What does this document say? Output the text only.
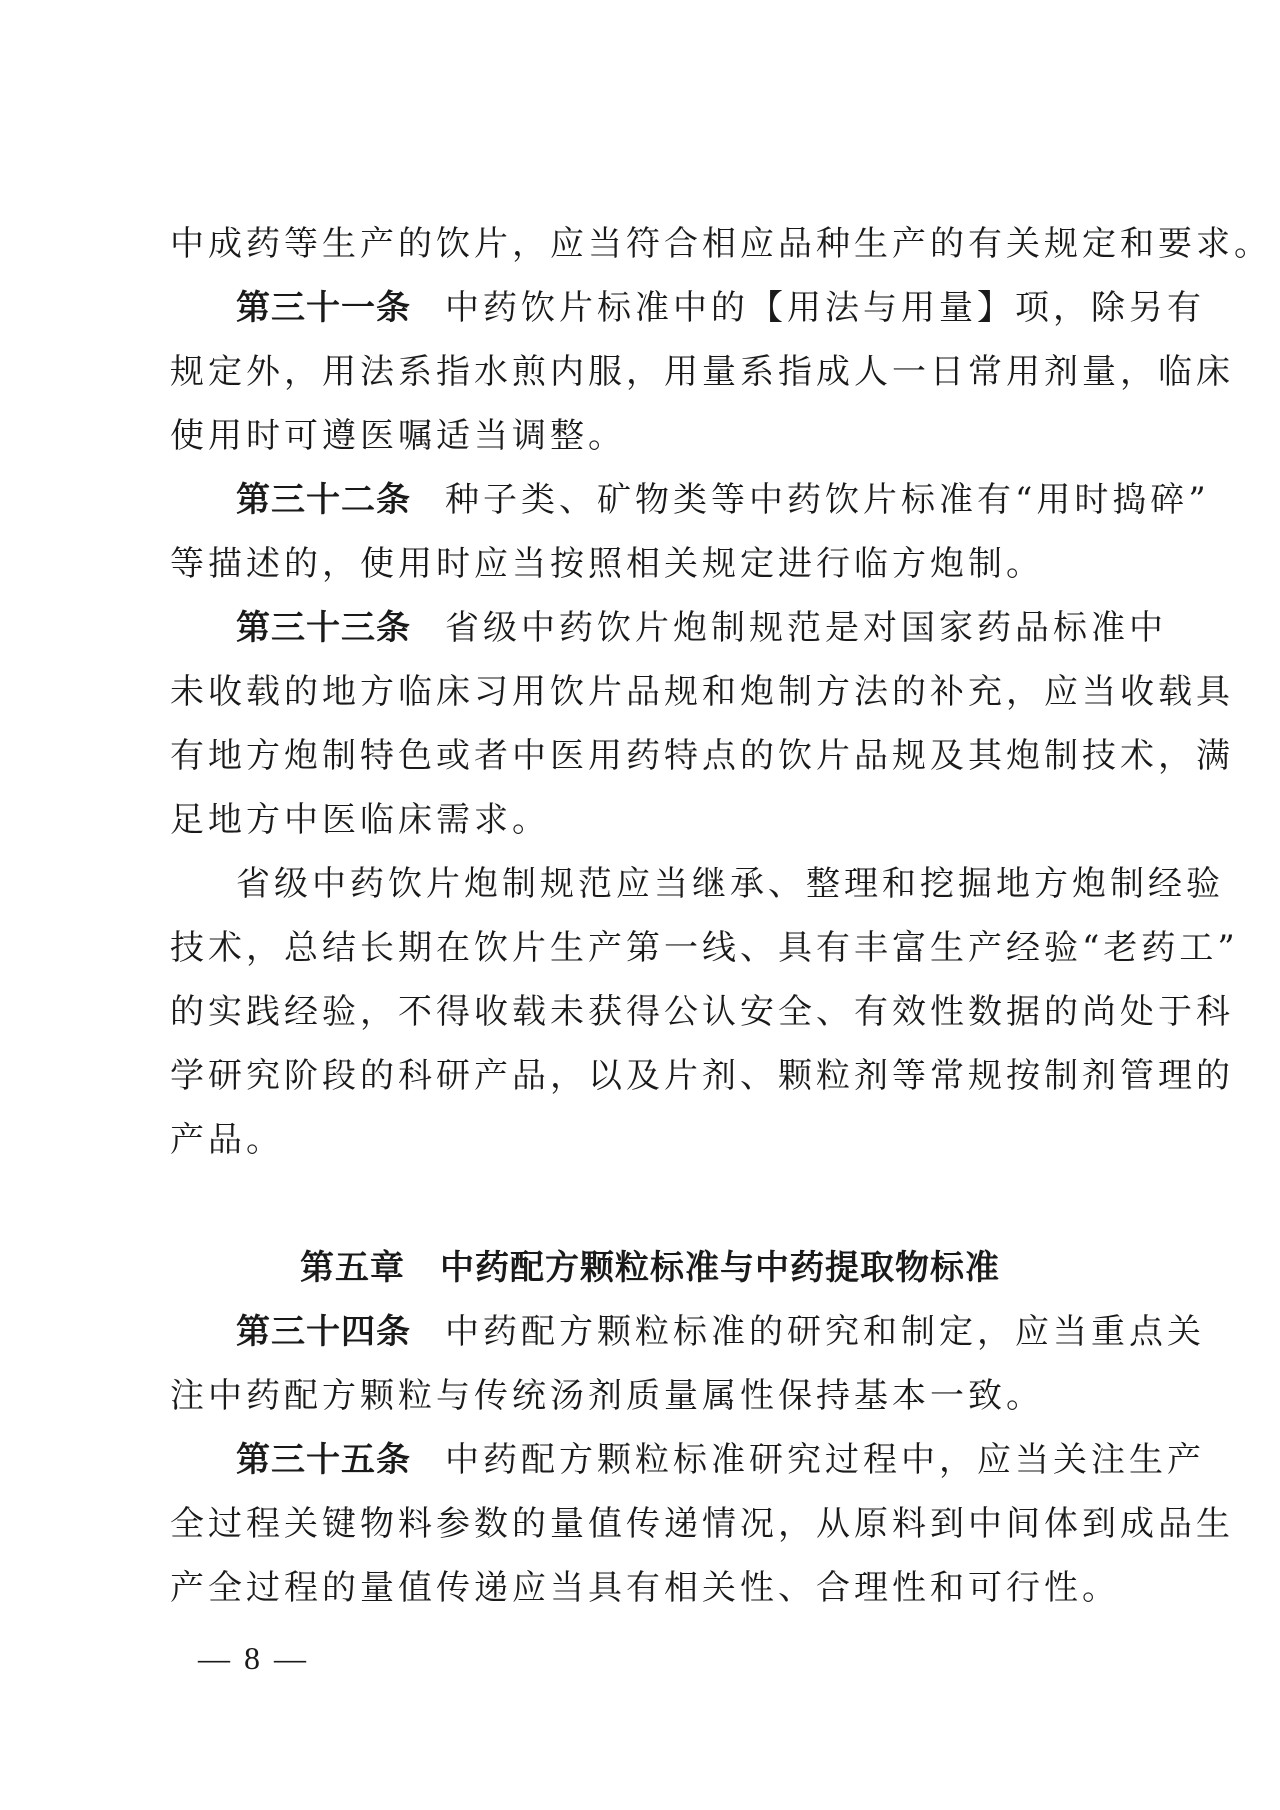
中成药等生产的饮片，应当符合相应品种生产的有关规定和要求。
第三十一条 中药饮片标准中的【用法与用量】项，除另有
规定外，用法系指水煎内服，用量系指成人一日常用剂量，临床
使用时可遵医嘱适当调整。
第三十二条 种子类、矿物类等中药饮片标准有“用时捣碎”
等描述的，使用时应当按照相关规定进行临方炮制。
第三十三条 省级中药饮片炮制规范是对国家药品标准中
未收载的地方临床习用饮片品规和炮制方法的补充，应当收载具
有地方炮制特色或者中医用药特点的饮片品规及其炮制技术，满
足地方中医临床需求。
省级中药饮片炮制规范应当继承、整理和挖掘地方炮制经验
技术，总结长期在饮片生产第一线、具有丰富生产经验“老药工”
的实践经验，不得收载未获得公认安全、有效性数据的尚处于科
学研究阶段的科研产品，以及片剂、颗粒剂等常规按制剂管理的
产品。
第五章　中药配方颗粒标准与中药提取物标准
第三十四条 中药配方颗粒标准的研究和制定，应当重点关
注中药配方颗粒与传统汤剂质量属性保持基本一致。
第三十五条 中药配方颗粒标准研究过程中，应当关注生产
全过程关键物料参数的量值传递情况，从原料到中间体到成品生
产全过程的量值传递应当具有相关性、合理性和可行性。
— 8 —
